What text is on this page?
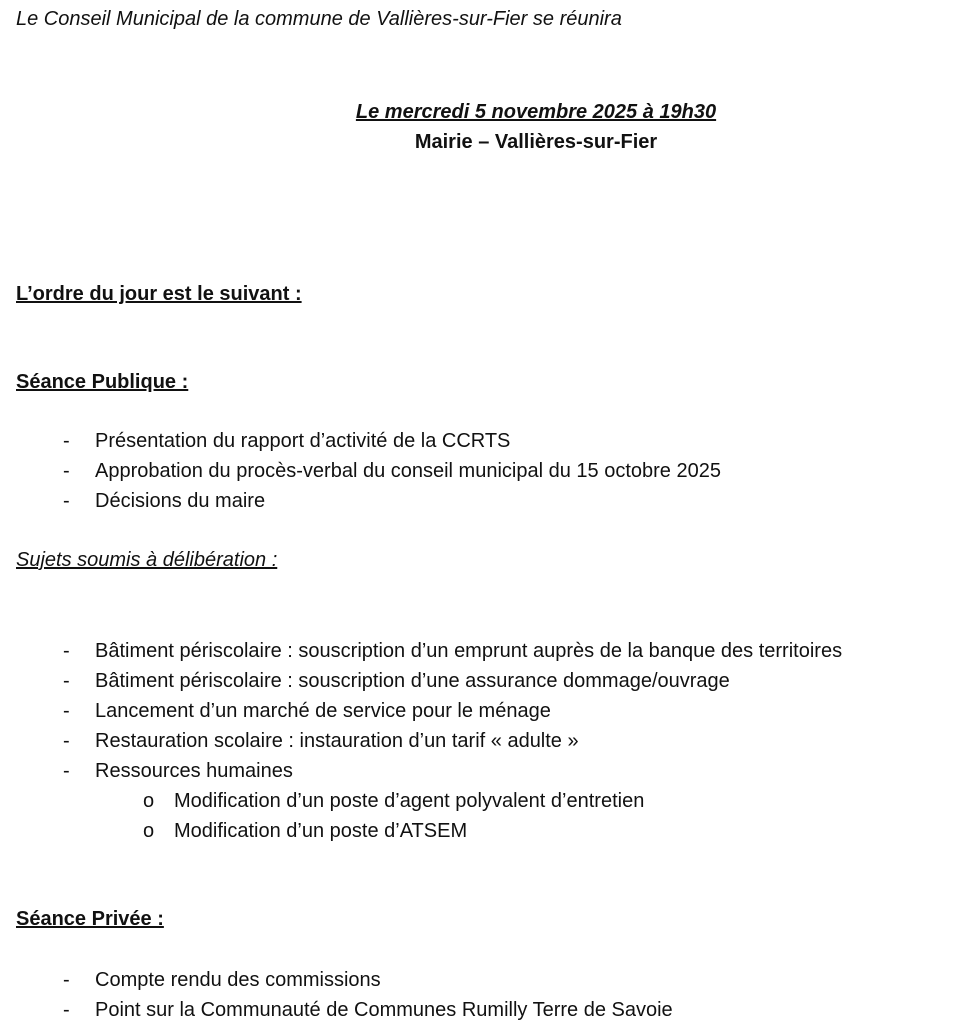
Le Conseil Municipal de la commune de Vallières-sur-Fier se réunira
Le mercredi 5 novembre 2025 à 19h30
Mairie – Vallières-sur-Fier
L’ordre du jour est le suivant :
Séance Publique :
- Présentation du rapport d’activité de la CCRTS
- Approbation du procès-verbal du conseil municipal du 15 octobre 2025
- Décisions du maire
Sujets soumis à délibération :
- Bâtiment périscolaire : souscription d’un emprunt auprès de la banque des territoires
- Bâtiment périscolaire : souscription d’une assurance dommage/ouvrage
- Lancement d’un marché de service pour le ménage
- Restauration scolaire : instauration d’un tarif « adulte »
- Ressources humaines
o Modification d’un poste d’agent polyvalent d’entretien
o Modification d’un poste d’ATSEM
Séance Privée :
- Compte rendu des commissions
- Point sur la Communauté de Communes Rumilly Terre de Savoie
